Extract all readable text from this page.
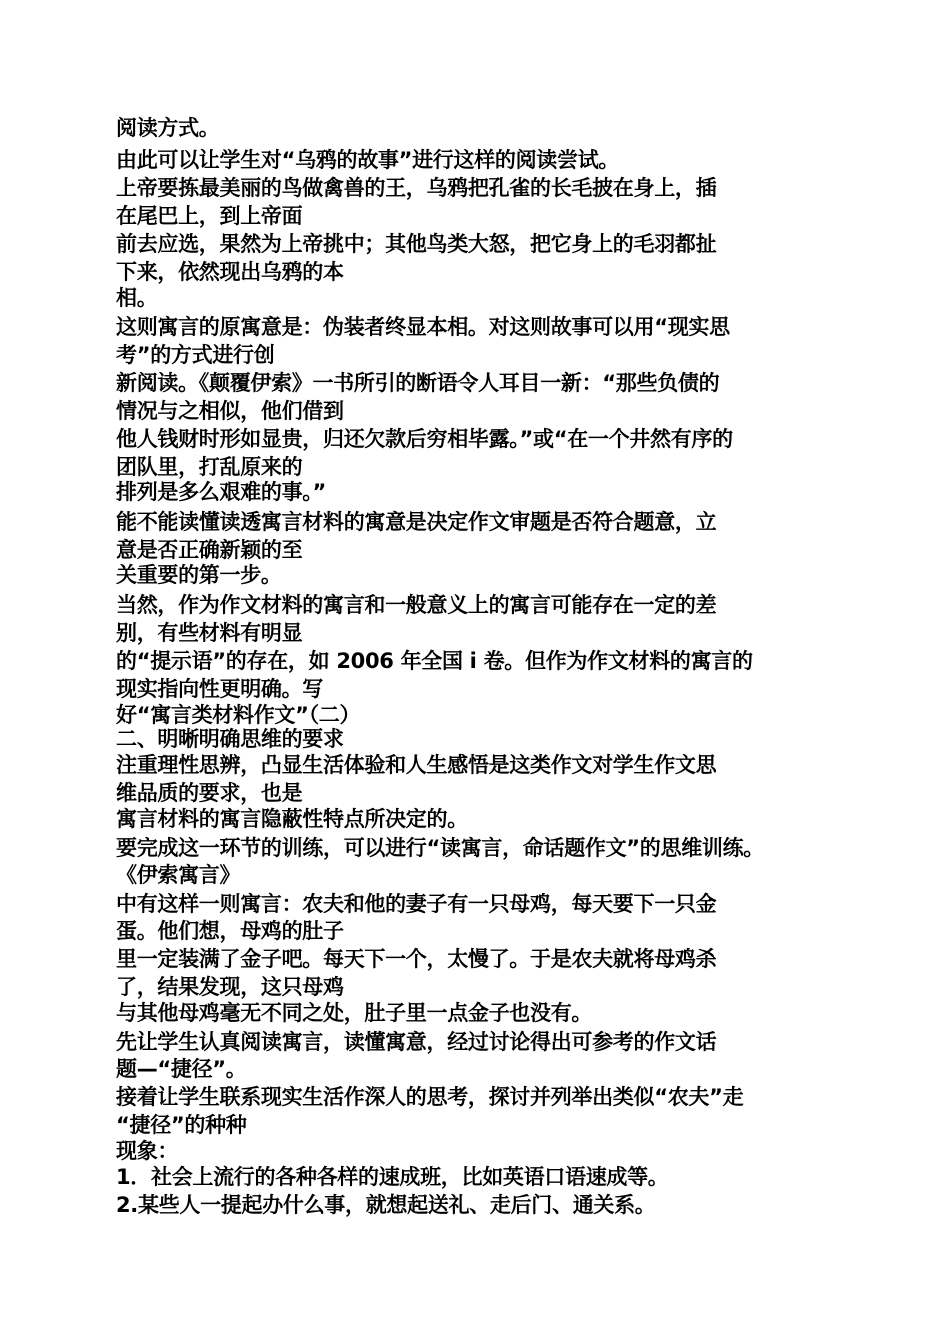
阅读方式。

由此可以让学生对“乌鸦的故事”进行这样的阅读尝试。

上帝要拣最美丽的鸟做禽兽的王，乌鸦把孔雀的长毛披在身上，插

在尾巴上，到上帝面

前去应选，果然为上帝挑中；其他鸟类大怒，把它身上的毛羽都扯

下来，依然现出乌鸦的本

相。

这则寓言的原寓意是：伪装者终显本相。对这则故事可以用“现实思

考”的方式进行创

新阅读。《颠覆伊索》一书所引的断语令人耳目一新：“那些负债的

情况与之相似，他们借到

他人钱财时形如显贵，归还欠款后穷相毕露。”或“在一个井然有序的

团队里，打乱原来的

排列是多么艰难的事。”

能不能读懂读透寓言材料的寓意是决定作文审题是否符合题意，立

意是否正确新颖的至

关重要的第一步。

当然，作为作文材料的寓言和一般意义上的寓言可能存在一定的差

别，有些材料有明显

的“提示语”的存在，如 2006 年全国 i 卷。但作为作文材料的寓言的

现实指向性更明确。写

好“寓言类材料作文”（二）

二、明晰明确思维的要求

注重理性思辨，凸显生活体验和人生感悟是这类作文对学生作文思

维品质的要求，也是

寓言材料的寓言隐蔽性特点所决定的。

要完成这一环节的训练，可以进行“读寓言，命话题作文”的思维训练。

《伊索寓言》

中有这样一则寓言：农夫和他的妻子有一只母鸡，每天要下一只金

蛋。他们想，母鸡的肚子

里一定装满了金子吧。每天下一个，太慢了。于是农夫就将母鸡杀

了，结果发现，这只母鸡

与其他母鸡毫无不同之处，肚子里一点金子也没有。

先让学生认真阅读寓言，读懂寓意，经过讨论得出可参考的作文话

题—“捷径”。

接着让学生联系现实生活作深人的思考，探讨并列举出类似“农夫”走

“捷径”的种种

现象：

1．社会上流行的各种各样的速成班，比如英语口语速成等。

2.某些人一提起办什么事，就想起送礼、走后门、通关系。
